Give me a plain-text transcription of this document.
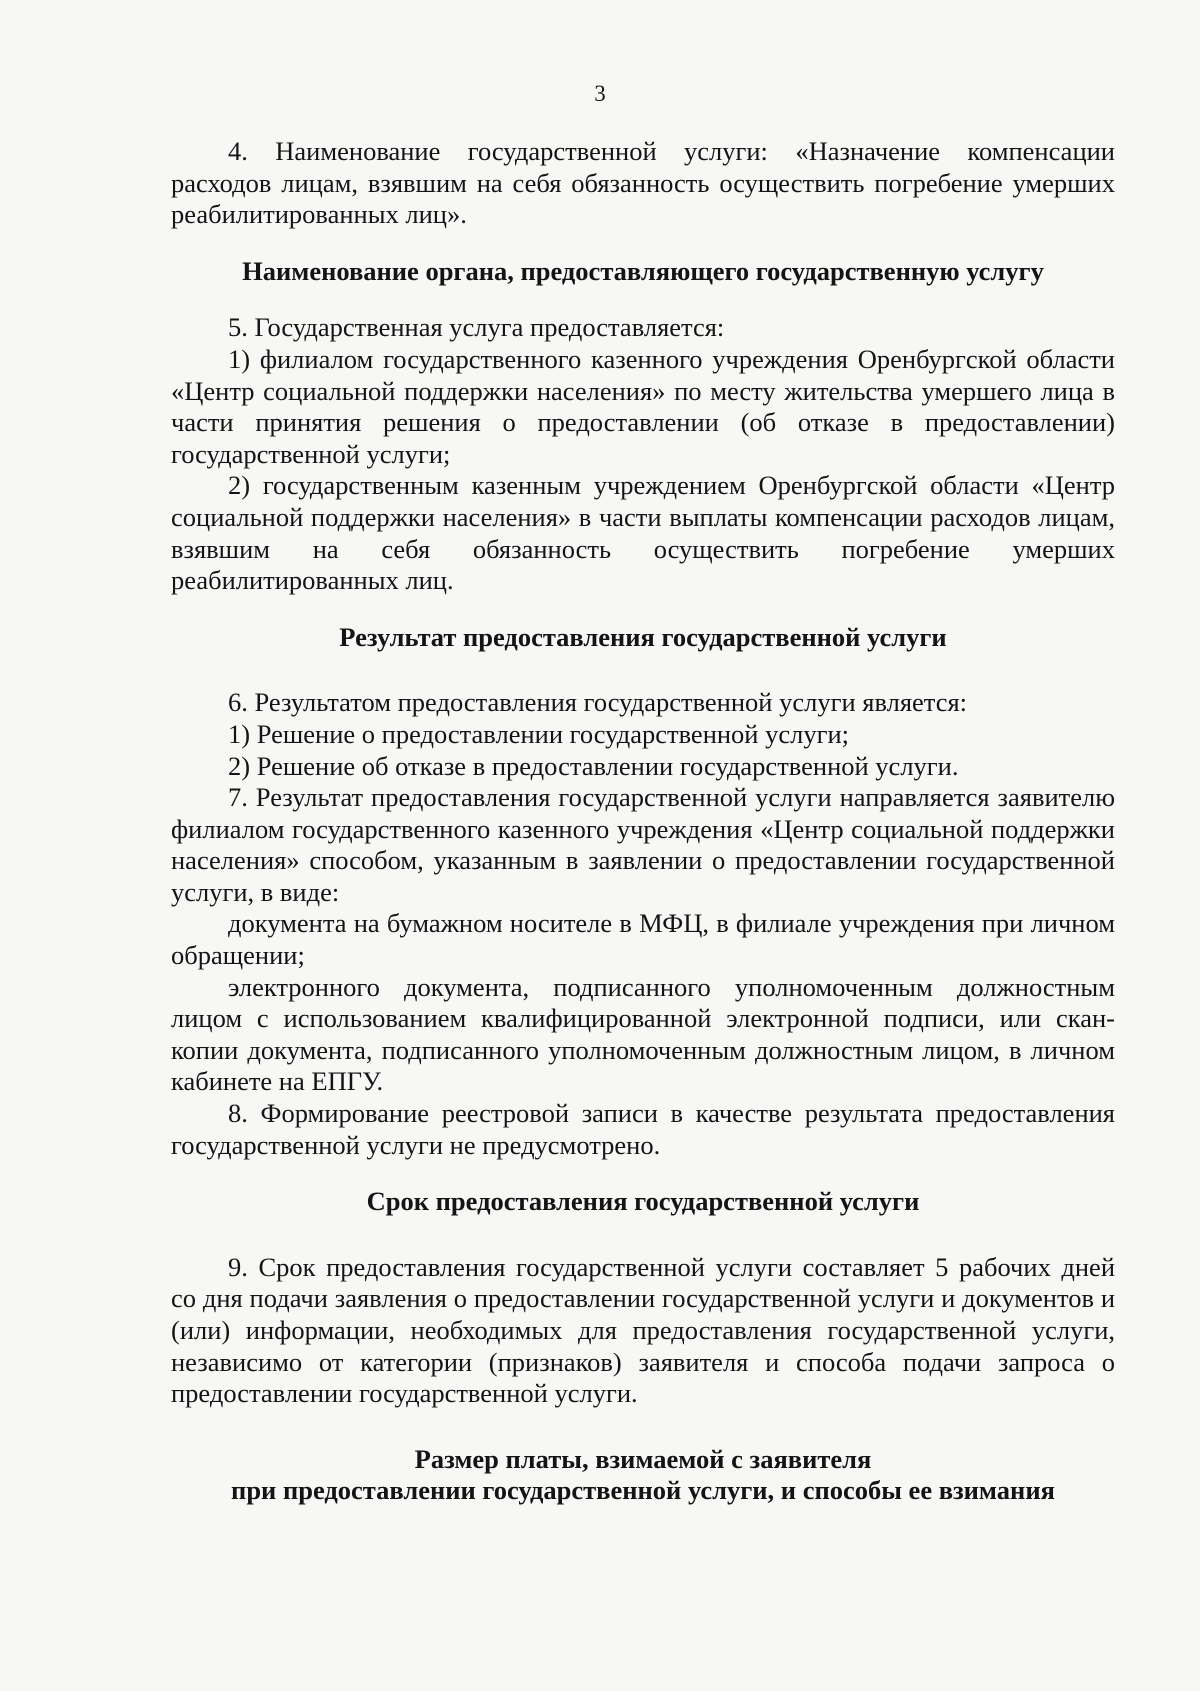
3

4. Наименование государственной услуги: «Назначение компенсации расходов лицам, взявшим на себя обязанность осуществить погребение умерших реабилитированных лиц».

Наименование органа, предоставляющего государственную услугу

5. Государственная услуга предоставляется:

1) филиалом государственного казенного учреждения Оренбургской области «Центр социальной поддержки населения» по месту жительства умершего лица в части принятия решения о предоставлении (об отказе в предоставлении) государственной услуги;

2) государственным казенным учреждением Оренбургской области «Центр социальной поддержки населения» в части выплаты компенсации расходов лицам, взявшим на себя обязанность осуществить погребение умерших реабилитированных лиц.

Результат предоставления государственной услуги

6. Результатом предоставления государственной услуги является:

1) Решение о предоставлении государственной услуги;

2) Решение об отказе в предоставлении государственной услуги.

7. Результат предоставления государственной услуги направляется заявителю филиалом государственного казенного учреждения «Центр социальной поддержки населения» способом, указанным в заявлении о предоставлении государственной услуги, в виде:

документа на бумажном носителе в МФЦ, в филиале учреждения при личном обращении;

электронного документа, подписанного уполномоченным должностным лицом с использованием квалифицированной электронной подписи, или скан-копии документа, подписанного уполномоченным должностным лицом, в личном кабинете на ЕПГУ.

8. Формирование реестровой записи в качестве результата предоставления государственной услуги не предусмотрено.

Срок предоставления государственной услуги

9. Срок предоставления государственной услуги составляет 5 рабочих дней со дня подачи заявления о предоставлении государственной услуги и документов и (или) информации, необходимых для предоставления государственной услуги, независимо от категории (признаков) заявителя и способа подачи запроса о предоставлении государственной услуги.

Размер платы, взимаемой с заявителя

при предоставлении государственной услуги, и способы ее взимания
